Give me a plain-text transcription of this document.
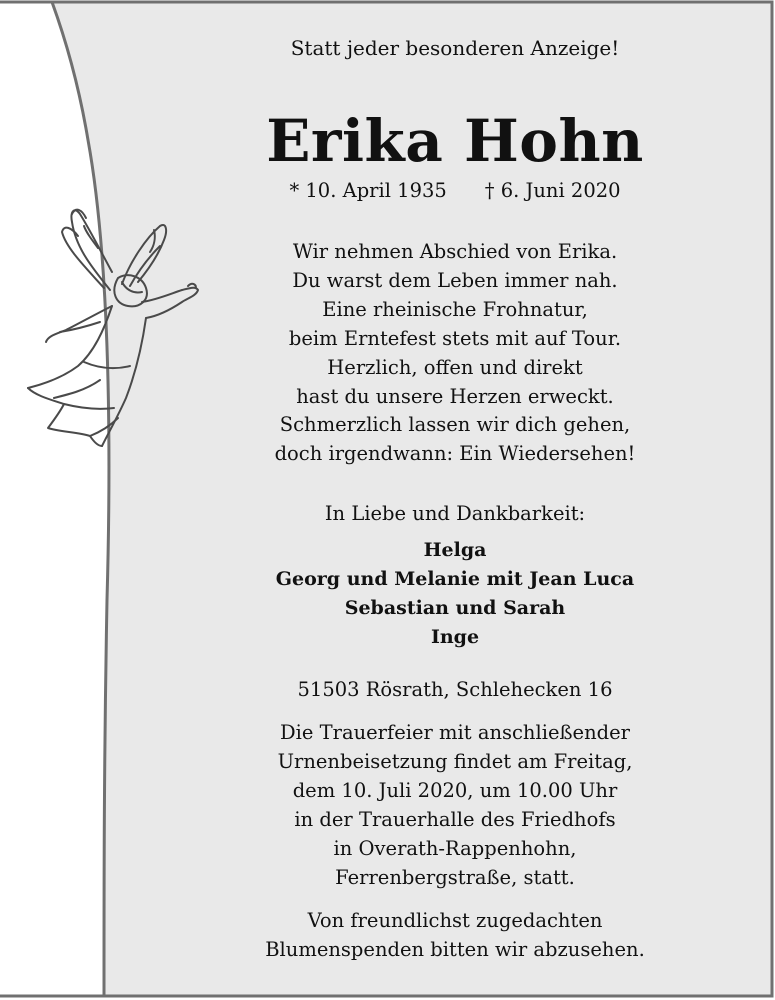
Statt jeder besonderen Anzeige!
Erika Hohn
* 10. April 1935 † 6. Juni 2020
Wir nehmen Abschied von Erika.
Du warst dem Leben immer nah.
Eine rheinische Frohnatur,
beim Erntefest stets mit auf Tour.
Herzlich, offen und direkt
hast du unsere Herzen erweckt.
Schmerzlich lassen wir dich gehen,
doch irgendwann: Ein Wiedersehen!
In Liebe und Dankbarkeit:
Helga
Georg und Melanie mit Jean Luca
Sebastian und Sarah
Inge
51503 Rösrath, Schlehecken 16
Die Trauerfeier mit anschließender
Urnenbeisetzung findet am Freitag,
dem 10. Juli 2020, um 10.00 Uhr
in der Trauerhalle des Friedhofs
in Overath-Rappenhohn,
Ferrenbergstraße, statt.
Von freundlichst zugedachten
Blumenspenden bitten wir abzusehen.
